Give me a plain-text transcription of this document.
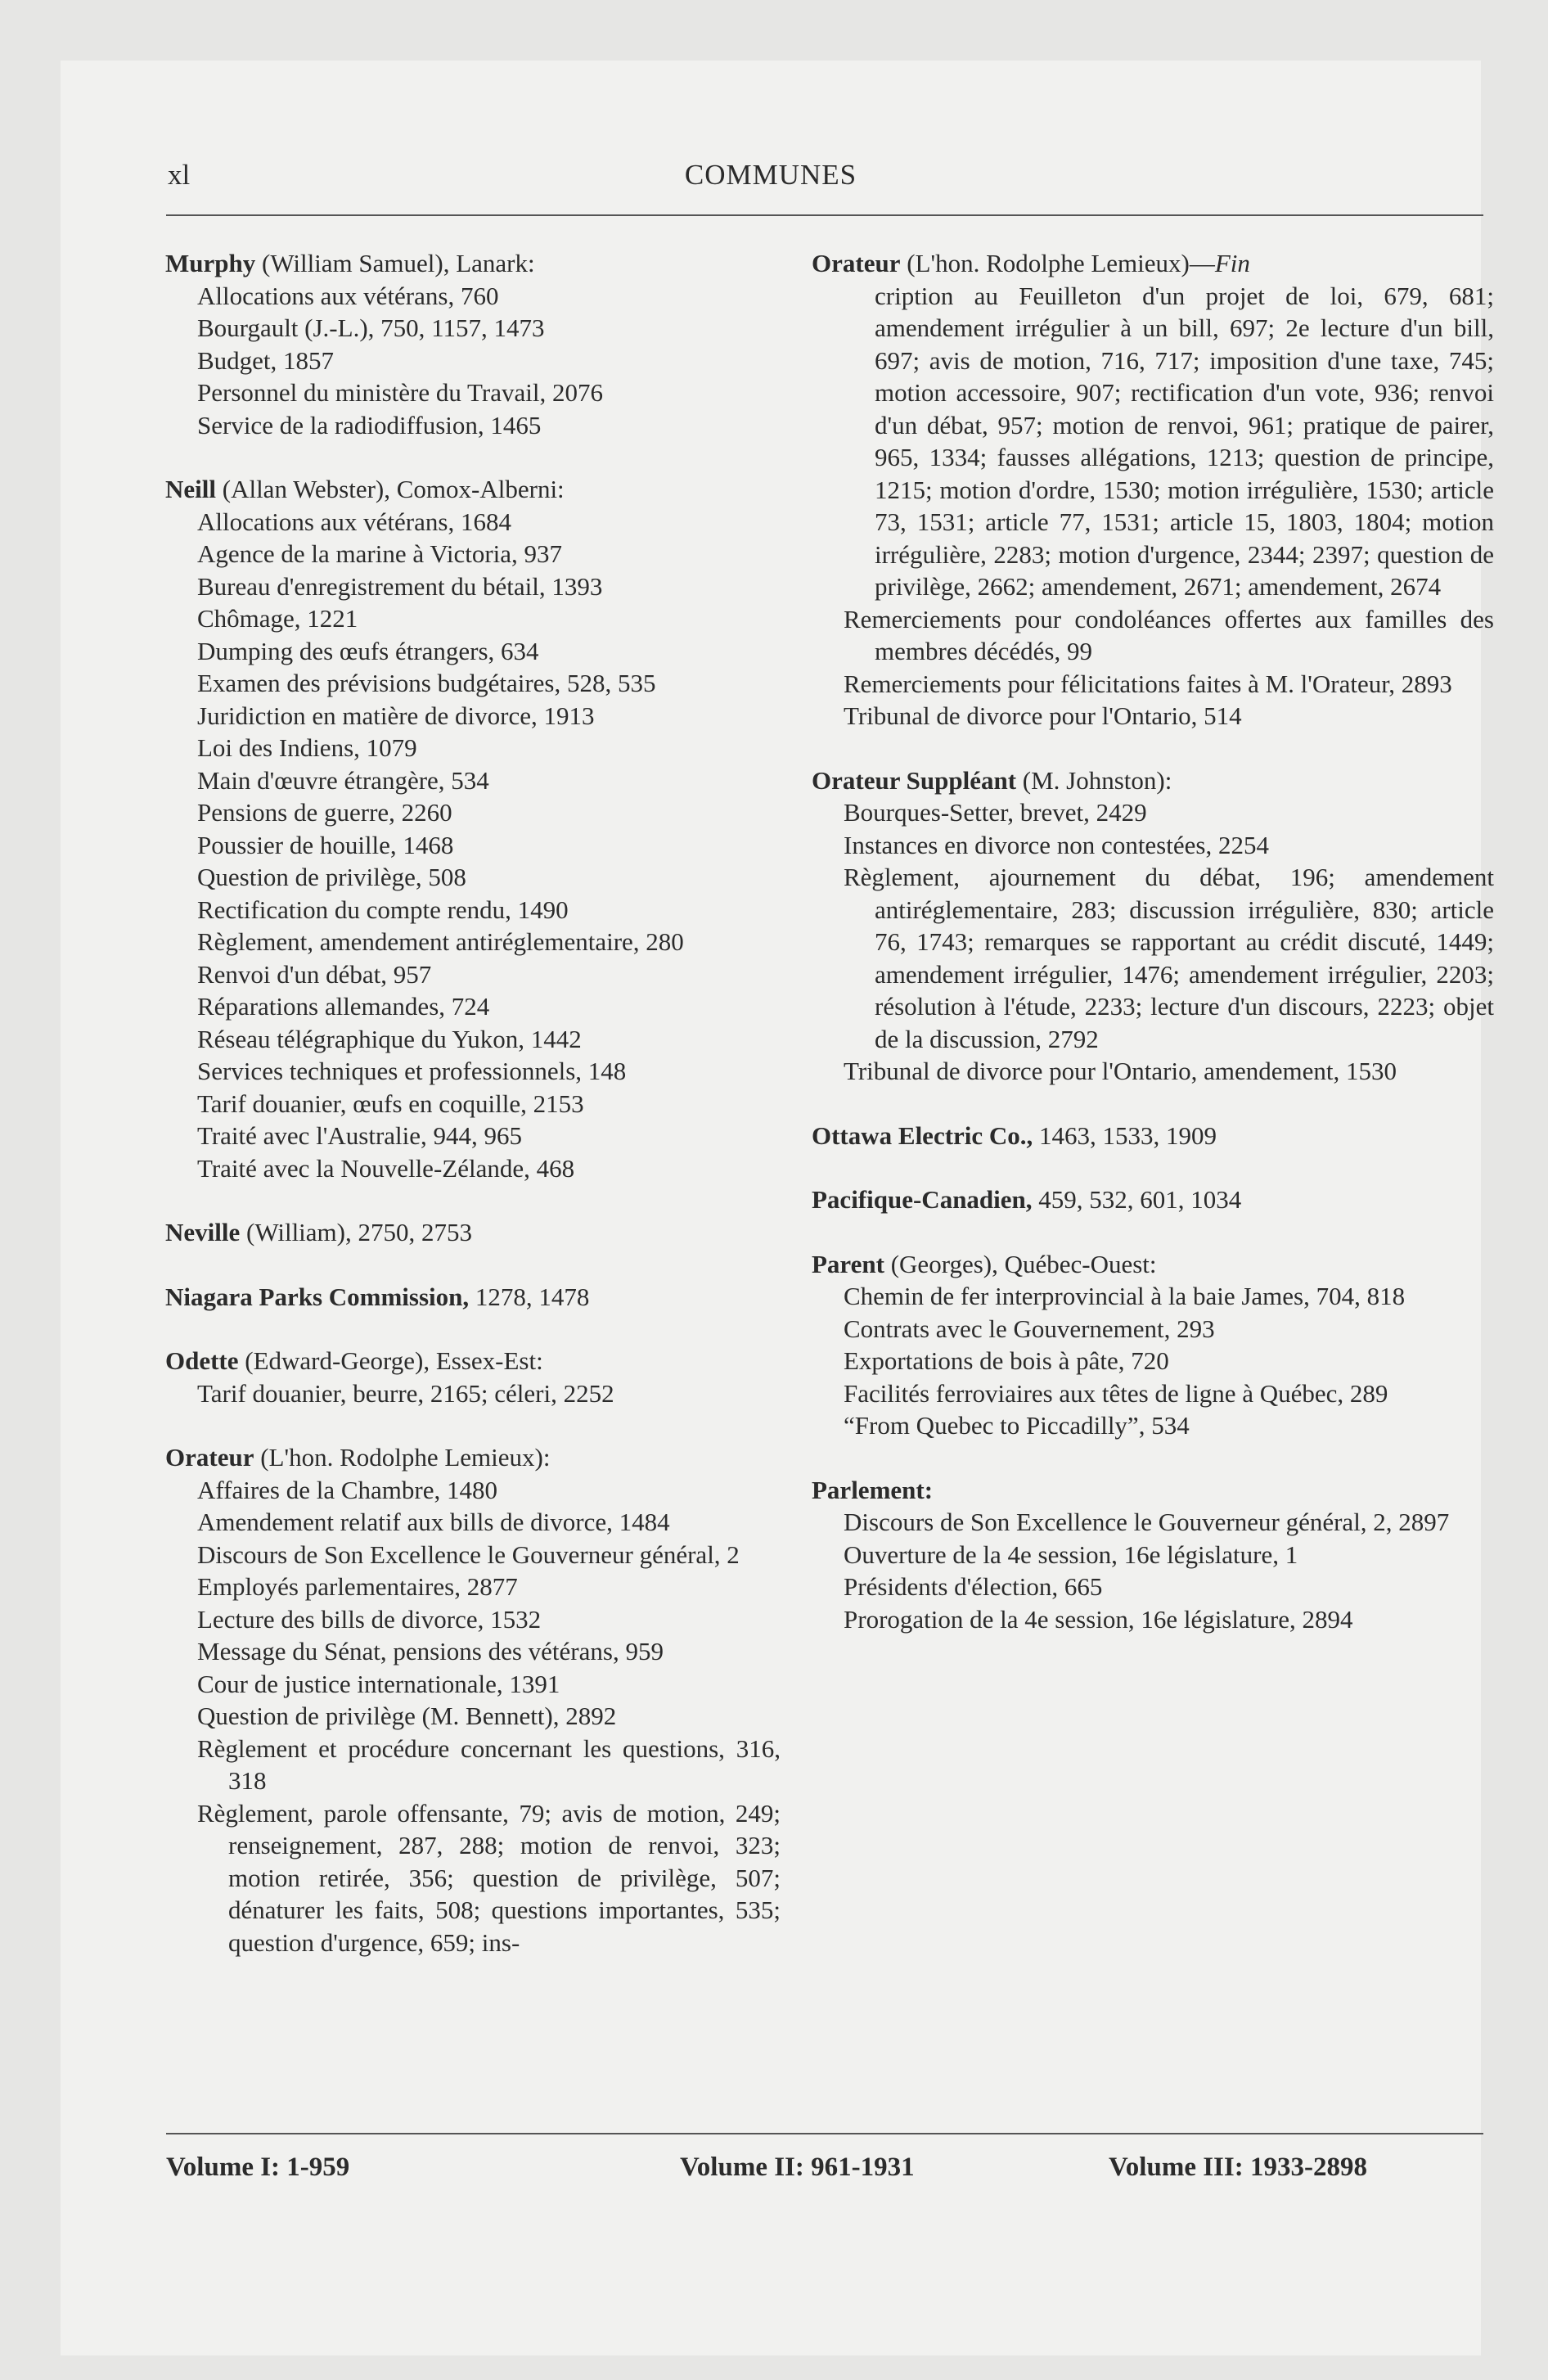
xl	COMMUNES
Murphy (William Samuel), Lanark:
Allocations aux vétérans, 760
Bourgault (J.-L.), 750, 1157, 1473
Budget, 1857
Personnel du ministère du Travail, 2076
Service de la radiodiffusion, 1465
Neill (Allan Webster), Comox-Alberni:
Allocations aux vétérans, 1684
Agence de la marine à Victoria, 937
Bureau d'enregistrement du bétail, 1393
Chômage, 1221
Dumping des œufs étrangers, 634
Examen des prévisions budgétaires, 528, 535
Juridiction en matière de divorce, 1913
Loi des Indiens, 1079
Main d'œuvre étrangère, 534
Pensions de guerre, 2260
Poussier de houille, 1468
Question de privilège, 508
Rectification du compte rendu, 1490
Règlement, amendement antiréglementaire, 280
Renvoi d'un débat, 957
Réparations allemandes, 724
Réseau télégraphique du Yukon, 1442
Services techniques et professionnels, 148
Tarif douanier, œufs en coquille, 2153
Traité avec l'Australie, 944, 965
Traité avec la Nouvelle-Zélande, 468
Neville (William), 2750, 2753
Niagara Parks Commission, 1278, 1478
Odette (Edward-George), Essex-Est:
Tarif douanier, beurre, 2165; céleri, 2252
Orateur (L'hon. Rodolphe Lemieux):
Affaires de la Chambre, 1480
Amendement relatif aux bills de divorce, 1484
Discours de Son Excellence le Gouverneur général, 2
Employés parlementaires, 2877
Lecture des bills de divorce, 1532
Message du Sénat, pensions des vétérans, 959
Cour de justice internationale, 1391
Question de privilège (M. Bennett), 2892
Règlement et procédure concernant les questions, 316, 318
Règlement, parole offensante, 79; avis de motion, 249; renseignement, 287, 288; motion de renvoi, 323; motion retirée, 356; question de privilège, 507; dénaturer les faits, 508; questions importantes, 535; question d'urgence, 659; ins-
Orateur (L'hon. Rodolphe Lemieux)—Fin
cription au Feuilleton d'un projet de loi, 679, 681; amendement irrégulier à un bill, 697; 2e lecture d'un bill, 697; avis de motion, 716, 717; imposition d'une taxe, 745; motion accessoire, 907; rectification d'un vote, 936; renvoi d'un débat, 957; motion de renvoi, 961; pratique de pairer, 965, 1334; fausses allégations, 1213; question de principe, 1215; motion d'ordre, 1530; motion irrégulière, 1530; article 73, 1531; article 77, 1531; article 15, 1803, 1804; motion irrégulière, 2283; motion d'urgence, 2344; 2397; question de privilège, 2662; amendement, 2671; amendement, 2674
Remerciements pour condoléances offertes aux familles des membres décédés, 99
Remerciements pour félicitations faites à M. l'Orateur, 2893
Tribunal de divorce pour l'Ontario, 514
Orateur Suppléant (M. Johnston):
Bourques-Setter, brevet, 2429
Instances en divorce non contestées, 2254
Règlement, ajournement du débat, 196; amendement antiréglementaire, 283; discussion irrégulière, 830; article 76, 1743; remarques se rapportant au crédit discuté, 1449; amendement irrégulier, 1476; amendement irrégulier, 2203; résolution à l'étude, 2233; lecture d'un discours, 2223; objet de la discussion, 2792
Tribunal de divorce pour l'Ontario, amendement, 1530
Ottawa Electric Co., 1463, 1533, 1909
Pacifique-Canadien, 459, 532, 601, 1034
Parent (Georges), Québec-Ouest:
Chemin de fer interprovincial à la baie James, 704, 818
Contrats avec le Gouvernement, 293
Exportations de bois à pâte, 720
Facilités ferroviaires aux têtes de ligne à Québec, 289
“From Quebec to Piccadilly”, 534
Parlement:
Discours de Son Excellence le Gouverneur général, 2, 2897
Ouverture de la 4e session, 16e législature, 1
Présidents d'élection, 665
Prorogation de la 4e session, 16e législature, 2894
Volume I: 1-959	Volume II: 961-1931	Volume III: 1933-2898
